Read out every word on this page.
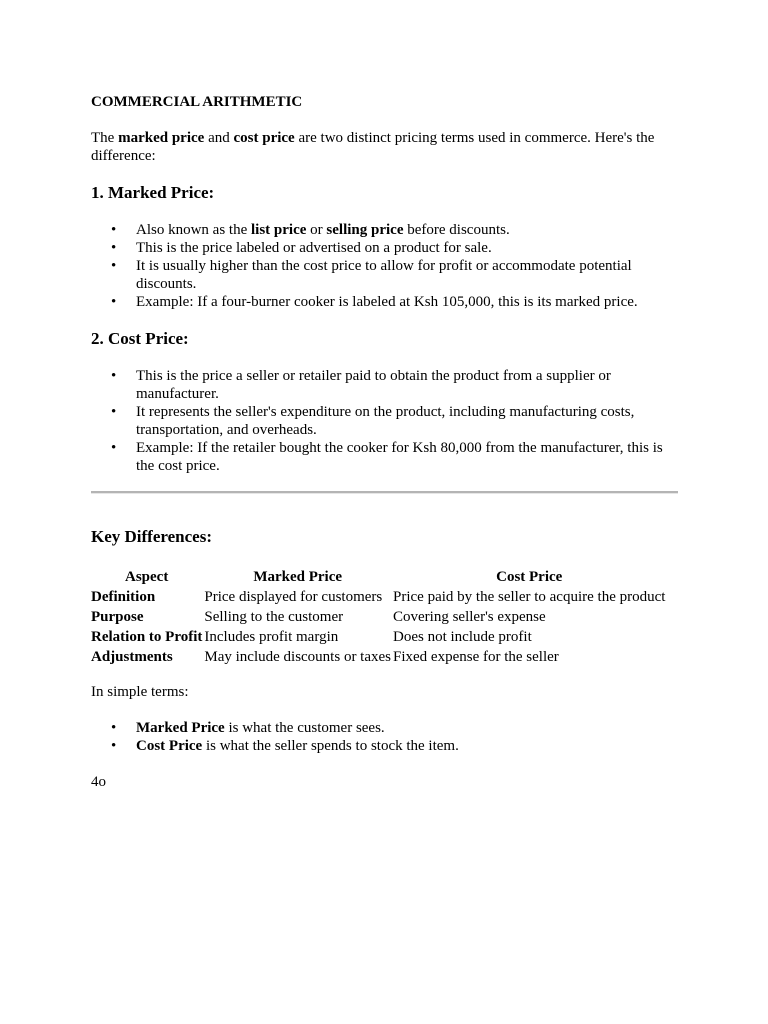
COMMERCIAL ARITHMETIC

The marked price and cost price are two distinct pricing terms used in commerce. Here's the difference:

1. Marked Price:
• Also known as the list price or selling price before discounts.
• This is the price labeled or advertised on a product for sale.
• It is usually higher than the cost price to allow for profit or accommodate potential discounts.
• Example: If a four-burner cooker is labeled at Ksh 105,000, this is its marked price.
2. Cost Price:
• This is the price a seller or retailer paid to obtain the product from a supplier or manufacturer.
• It represents the seller's expenditure on the product, including manufacturing costs, transportation, and overheads.
• Example: If the retailer bought the cooker for Ksh 80,000 from the manufacturer, this is the cost price.
Key Differences:
Aspect	Marked Price	Cost Price
Definition	Price displayed for customers	Price paid by the seller to acquire the product
Purpose	Selling to the customer	Covering seller's expense
Relation to Profit	Includes profit margin	Does not include profit
Adjustments	May include discounts or taxes	Fixed expense for the seller

In simple terms:

• Marked Price is what the customer sees.
• Cost Price is what the seller spends to stock the item.

4o
